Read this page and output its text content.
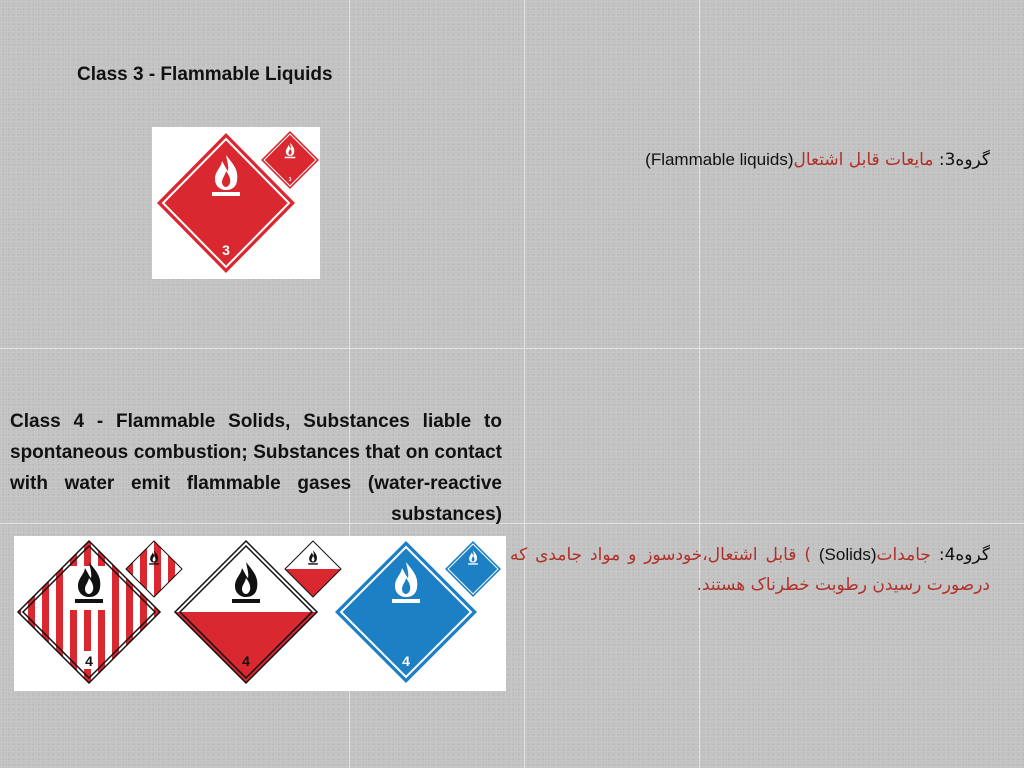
Class 3 - Flammable Liquids
3
3
گروه3: مایعات قابل اشتعال(Flammable liquids)
Class 4 - Flammable Solids, Substances liable to spontaneous combustion; Substances that on contact with water emit flammable gases (water-reactive substances)
4	4	4
گروه4: جامدات(Solids) ) قابل اشتعال،خودسوز و مواد جامدی که درصورت رسیدن رطوبت خطرناک هستند.
